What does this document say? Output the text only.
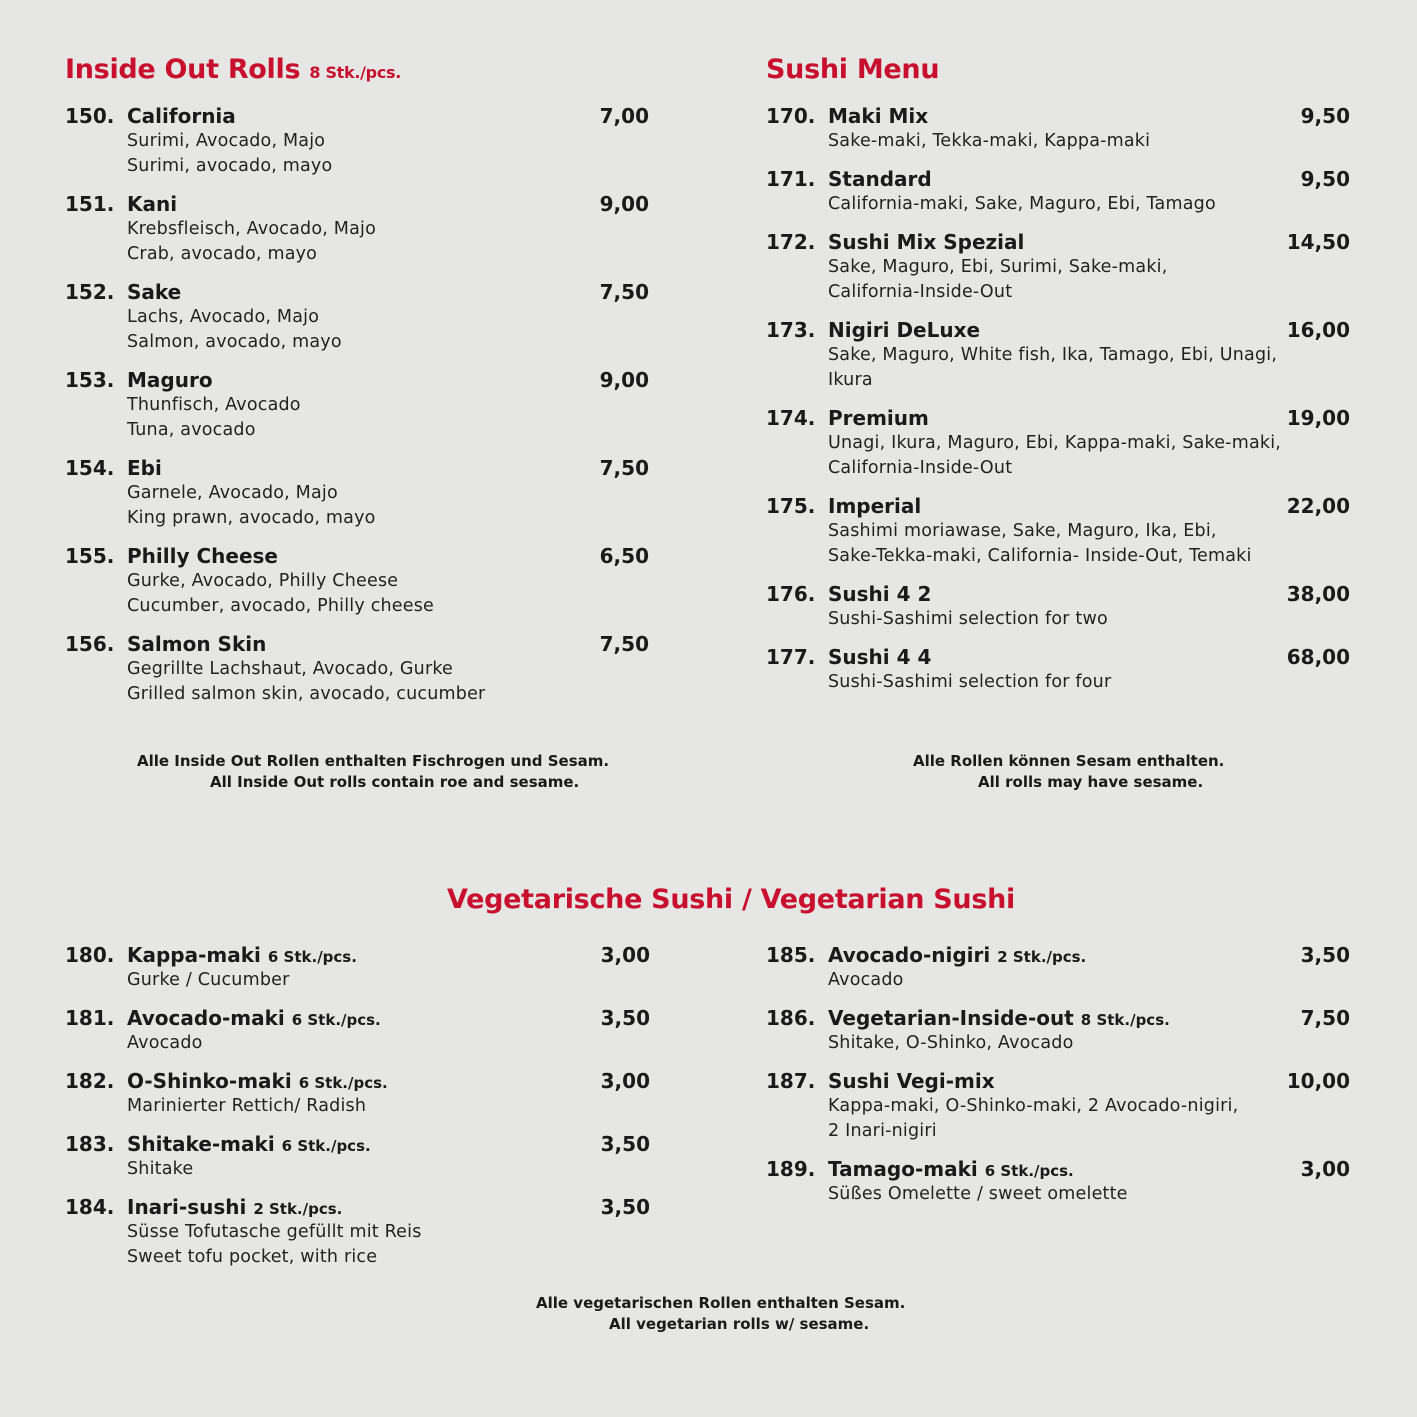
Inside Out Rolls 8 Stk./pcs.
150. California	7,00
Surimi, Avocado, Majo
Surimi, avocado, mayo
151. Kani	9,00
Krebsfleisch, Avocado, Majo
Crab, avocado, mayo
152. Sake	7,50
Lachs, Avocado, Majo
Salmon, avocado, mayo
153. Maguro	9,00
Thunfisch, Avocado
Tuna, avocado
154. Ebi	7,50
Garnele, Avocado, Majo
King prawn, avocado, mayo
155. Philly Cheese	6,50
Gurke, Avocado, Philly Cheese
Cucumber, avocado, Philly cheese
156. Salmon Skin	7,50
Gegrillte Lachshaut, Avocado, Gurke
Grilled salmon skin, avocado, cucumber
Alle Inside Out Rollen enthalten Fischrogen und Sesam.
All Inside Out rolls contain roe and sesame.
Sushi Menu
170. Maki Mix	9,50
Sake-maki, Tekka-maki, Kappa-maki
171. Standard	9,50
California-maki, Sake, Maguro, Ebi, Tamago
172. Sushi Mix Spezial	14,50
Sake, Maguro, Ebi, Surimi, Sake-maki,
California-Inside-Out
173. Nigiri DeLuxe	16,00
Sake, Maguro, White fish, Ika, Tamago, Ebi, Unagi,
Ikura
174. Premium	19,00
Unagi, Ikura, Maguro, Ebi, Kappa-maki, Sake-maki,
California-Inside-Out
175. Imperial	22,00
Sashimi moriawase, Sake, Maguro, Ika, Ebi,
Sake-Tekka-maki, California- Inside-Out, Temaki
176. Sushi 4 2	38,00
Sushi-Sashimi selection for two
177. Sushi 4 4	68,00
Sushi-Sashimi selection for four
Alle Rollen können Sesam enthalten.
All rolls may have sesame.
Vegetarische Sushi / Vegetarian Sushi
180. Kappa-maki 6 Stk./pcs.	3,00
Gurke / Cucumber
181. Avocado-maki 6 Stk./pcs.	3,50
Avocado
182. O-Shinko-maki 6 Stk./pcs.	3,00
Marinierter Rettich/ Radish
183. Shitake-maki 6 Stk./pcs.	3,50
Shitake
184. Inari-sushi 2 Stk./pcs.	3,50
Süsse Tofutasche gefüllt mit Reis
Sweet tofu pocket, with rice
185. Avocado-nigiri 2 Stk./pcs.	3,50
Avocado
186. Vegetarian-Inside-out 8 Stk./pcs.	7,50
Shitake, O-Shinko, Avocado
187. Sushi Vegi-mix	10,00
Kappa-maki, O-Shinko-maki, 2 Avocado-nigiri,
2 Inari-nigiri
189. Tamago-maki 6 Stk./pcs.	3,00
Süßes Omelette / sweet omelette
Alle vegetarischen Rollen enthalten Sesam.
All vegetarian rolls w/ sesame.
